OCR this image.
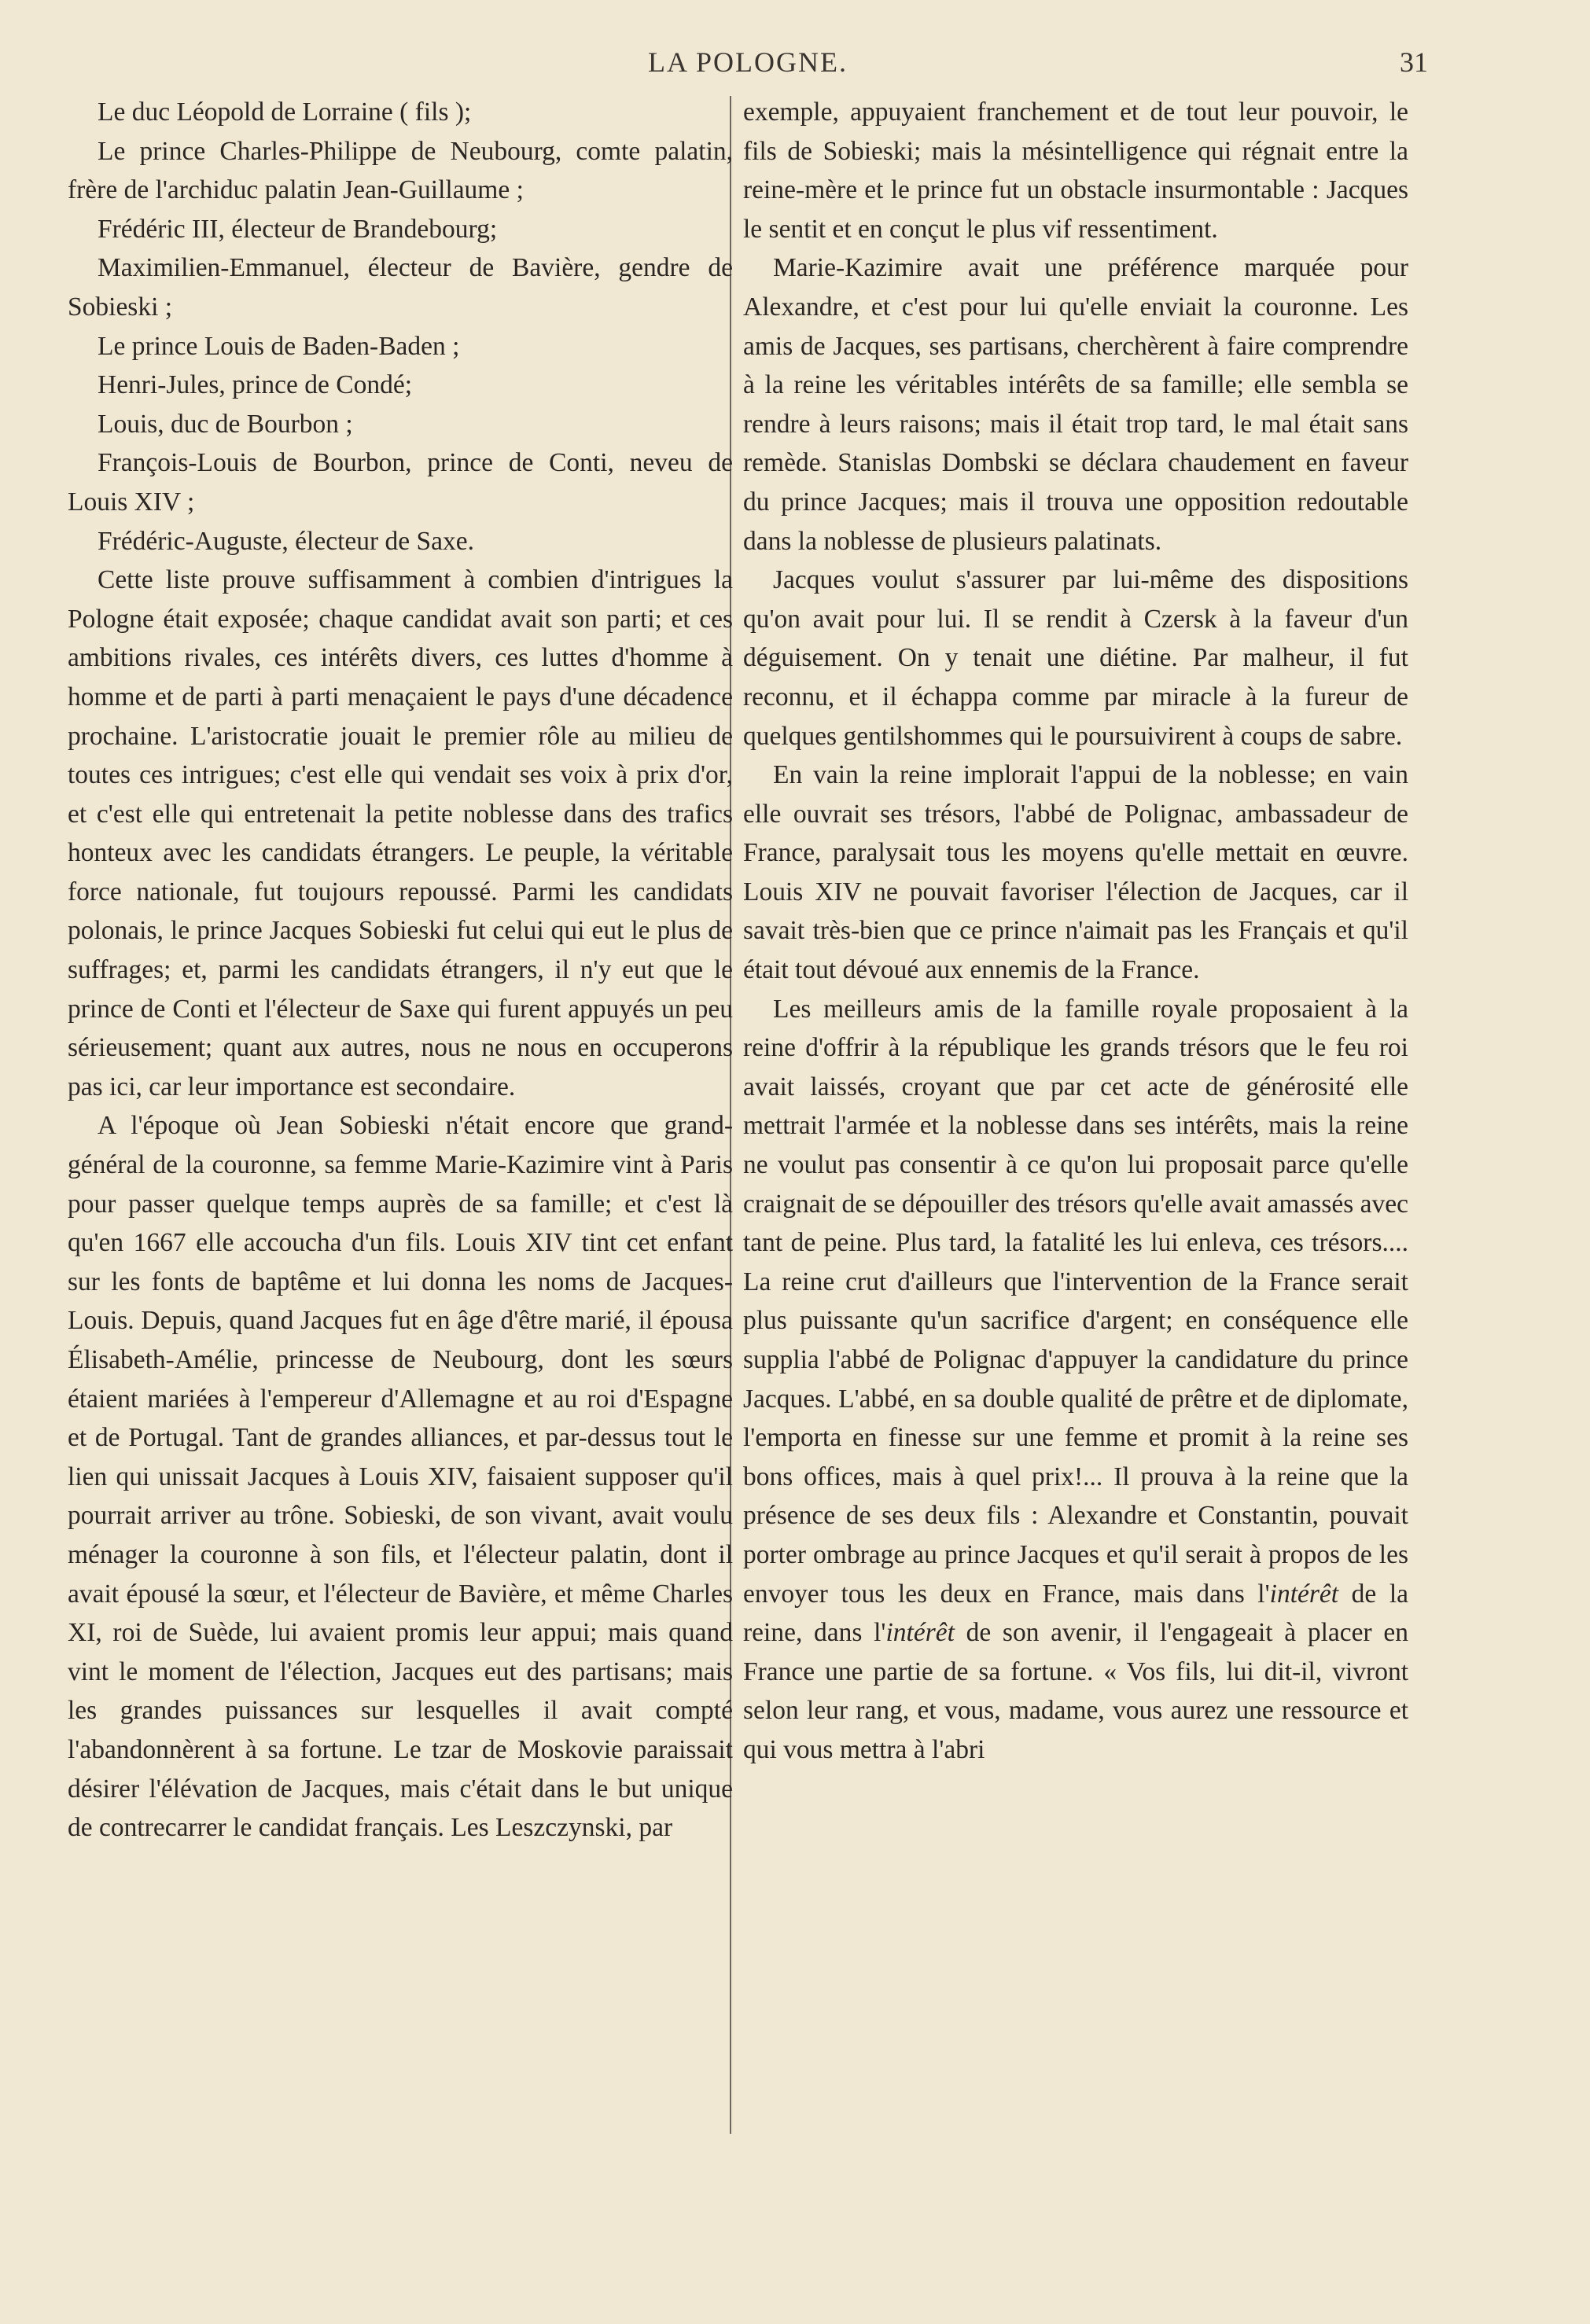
LA POLOGNE.	31

Le duc Léopold de Lorraine ( fils );

Le prince Charles-Philippe de Neubourg, comte palatin, frère de l'archiduc palatin Jean-Guillaume ;

Frédéric III, électeur de Brandebourg;

Maximilien-Emmanuel, électeur de Bavière, gendre de Sobieski ;

Le prince Louis de Baden-Baden ;

Henri-Jules, prince de Condé;

Louis, duc de Bourbon ;

François-Louis de Bourbon, prince de Conti, neveu de Louis XIV ;

Frédéric-Auguste, électeur de Saxe.

Cette liste prouve suffisamment à combien d'intrigues la Pologne était exposée; chaque candidat avait son parti; et ces ambitions rivales, ces intérêts divers, ces luttes d'homme à homme et de parti à parti menaçaient le pays d'une décadence prochaine. L'aristocratie jouait le premier rôle au milieu de toutes ces intrigues; c'est elle qui vendait ses voix à prix d'or, et c'est elle qui entretenait la petite noblesse dans des trafics honteux avec les candidats étrangers. Le peuple, la véritable force nationale, fut toujours repoussé. Parmi les candidats polonais, le prince Jacques Sobieski fut celui qui eut le plus de suffrages; et, parmi les candidats étrangers, il n'y eut que le prince de Conti et l'électeur de Saxe qui furent appuyés un peu sérieusement; quant aux autres, nous ne nous en occuperons pas ici, car leur importance est secondaire.

A l'époque où Jean Sobieski n'était encore que grand-général de la couronne, sa femme Marie-Kazimire vint à Paris pour passer quelque temps auprès de sa famille; et c'est là qu'en 1667 elle accoucha d'un fils. Louis XIV tint cet enfant sur les fonts de baptême et lui donna les noms de Jacques-Louis. Depuis, quand Jacques fut en âge d'être marié, il épousa Élisabeth-Amélie, princesse de Neubourg, dont les sœurs étaient mariées à l'empereur d'Allemagne et au roi d'Espagne et de Portugal. Tant de grandes alliances, et par-dessus tout le lien qui unissait Jacques à Louis XIV, faisaient supposer qu'il pourrait arriver au trône. Sobieski, de son vivant, avait voulu ménager la couronne à son fils, et l'électeur palatin, dont il avait épousé la sœur, et l'électeur de Bavière, et même Charles XI, roi de Suède, lui avaient promis leur appui; mais quand vint le moment de l'élection, Jacques eut des partisans; mais les grandes puissances sur lesquelles il avait compté l'abandonnèrent à sa fortune. Le tzar de Moskovie paraissait désirer l'élévation de Jacques, mais c'était dans le but unique de contrecarrer le candidat français. Les Leszczynski, par

exemple, appuyaient franchement et de tout leur pouvoir, le fils de Sobieski; mais la mésintelligence qui régnait entre la reine-mère et le prince fut un obstacle insurmontable : Jacques le sentit et en conçut le plus vif ressentiment.

Marie-Kazimire avait une préférence marquée pour Alexandre, et c'est pour lui qu'elle enviait la couronne. Les amis de Jacques, ses partisans, cherchèrent à faire comprendre à la reine les véritables intérêts de sa famille; elle sembla se rendre à leurs raisons; mais il était trop tard, le mal était sans remède. Stanislas Dombski se déclara chaudement en faveur du prince Jacques; mais il trouva une opposition redoutable dans la noblesse de plusieurs palatinats.

Jacques voulut s'assurer par lui-même des dispositions qu'on avait pour lui. Il se rendit à Czersk à la faveur d'un déguisement. On y tenait une diétine. Par malheur, il fut reconnu, et il échappa comme par miracle à la fureur de quelques gentilshommes qui le poursuivirent à coups de sabre.

En vain la reine implorait l'appui de la noblesse; en vain elle ouvrait ses trésors, l'abbé de Polignac, ambassadeur de France, paralysait tous les moyens qu'elle mettait en œuvre. Louis XIV ne pouvait favoriser l'élection de Jacques, car il savait très-bien que ce prince n'aimait pas les Français et qu'il était tout dévoué aux ennemis de la France.

Les meilleurs amis de la famille royale proposaient à la reine d'offrir à la république les grands trésors que le feu roi avait laissés, croyant que par cet acte de générosité elle mettrait l'armée et la noblesse dans ses intérêts, mais la reine ne voulut pas consentir à ce qu'on lui proposait parce qu'elle craignait de se dépouiller des trésors qu'elle avait amassés avec tant de peine. Plus tard, la fatalité les lui enleva, ces trésors.... La reine crut d'ailleurs que l'intervention de la France serait plus puissante qu'un sacrifice d'argent; en conséquence elle supplia l'abbé de Polignac d'appuyer la candidature du prince Jacques. L'abbé, en sa double qualité de prêtre et de diplomate, l'emporta en finesse sur une femme et promit à la reine ses bons offices, mais à quel prix!... Il prouva à la reine que la présence de ses deux fils : Alexandre et Constantin, pouvait porter ombrage au prince Jacques et qu'il serait à propos de les envoyer tous les deux en France, mais dans l'intérêt de la reine, dans l'intérêt de son avenir, il l'engageait à placer en France une partie de sa fortune. « Vos fils, lui dit-il, vivront selon leur rang, et vous, madame, vous aurez une ressource et qui vous mettra à l'abri
